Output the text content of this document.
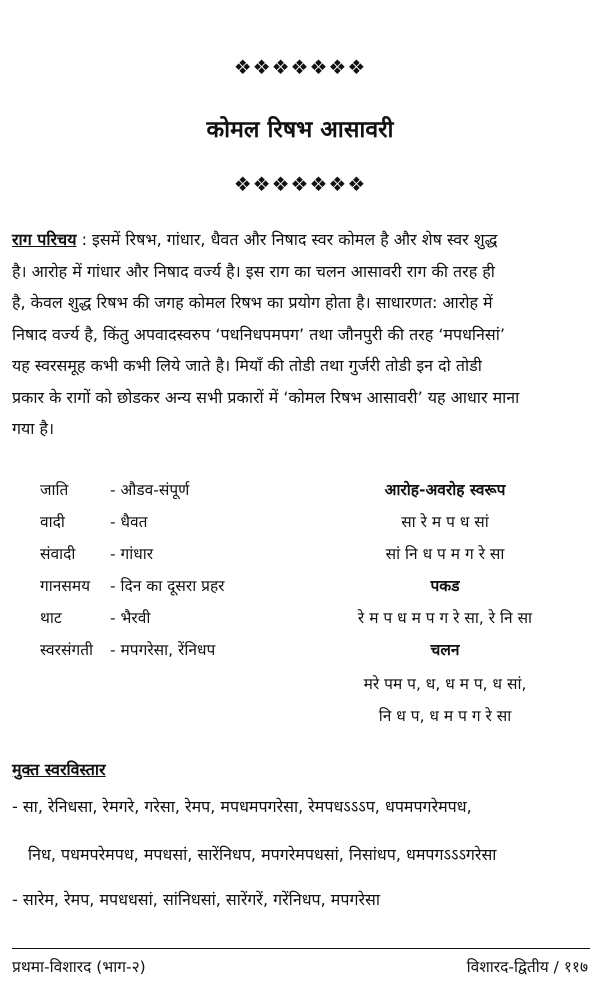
❖❖❖❖❖❖❖
कोमल रिषभ आसावरी
❖❖❖❖❖❖❖
राग परिचय : इसमें रिषभ, गांधार, धैवत और निषाद स्वर कोमल है और शेष स्वर शुद्ध
है। आरोह में गांधार और निषाद वर्ज्य है। इस राग का चलन आसावरी राग की तरह ही
है, केवल शुद्ध रिषभ की जगह कोमल रिषभ का प्रयोग होता है। साधारणत: आरोह में
निषाद वर्ज्य है, किंतु अपवादस्वरुप ‘पधनिधपमपग’ तथा जौनपुरी की तरह ‘मपधनिसां’
यह स्वरसमूह कभी कभी लिये जाते है। मियाँ की तोडी तथा गुर्जरी तोडी इन दो तोडी
प्रकार के रागों को छोडकर अन्य सभी प्रकारों में ‘कोमल रिषभ आसावरी’ यह आधार माना
गया है।
जाति	- औडव-संपूर्ण
वादी	- धैवत
संवादी - गांधार
गानसमय - दिन का दूसरा प्रहर
थाट	- भैरवी
स्वरसंगती - मपगरेसा, रेंनिधप
आरोह-अवरोह स्वरूप
सा रे म प ध सां
सां नि ध प म ग रे सा
पकड
रे म प ध म प ग रे सा, रे नि सा
चलन
मरे पम प, ध, ध म प, ध सां,
नि ध प, ध म प ग रे सा
मुक्त स्वरविस्तार
- सा, रेनिधसा, रेमगरे, गरेसा, रेमप, मपधमपगरेसा, रेमपधऽऽऽप, धपमपगरेमपध,
निध, पधमपरेमपध, मपधसां, सारेंनिधप, मपगरेमपधसां, निसांधप, धमपगऽऽऽगरेसा
- सारेम, रेमप, मपधधसां, सांनिधसां, सारेंगरें, गरेंनिधप, मपगरेसा
प्रथमा-विशारद (भाग-२)	विशारद-द्वितीय / ११७
